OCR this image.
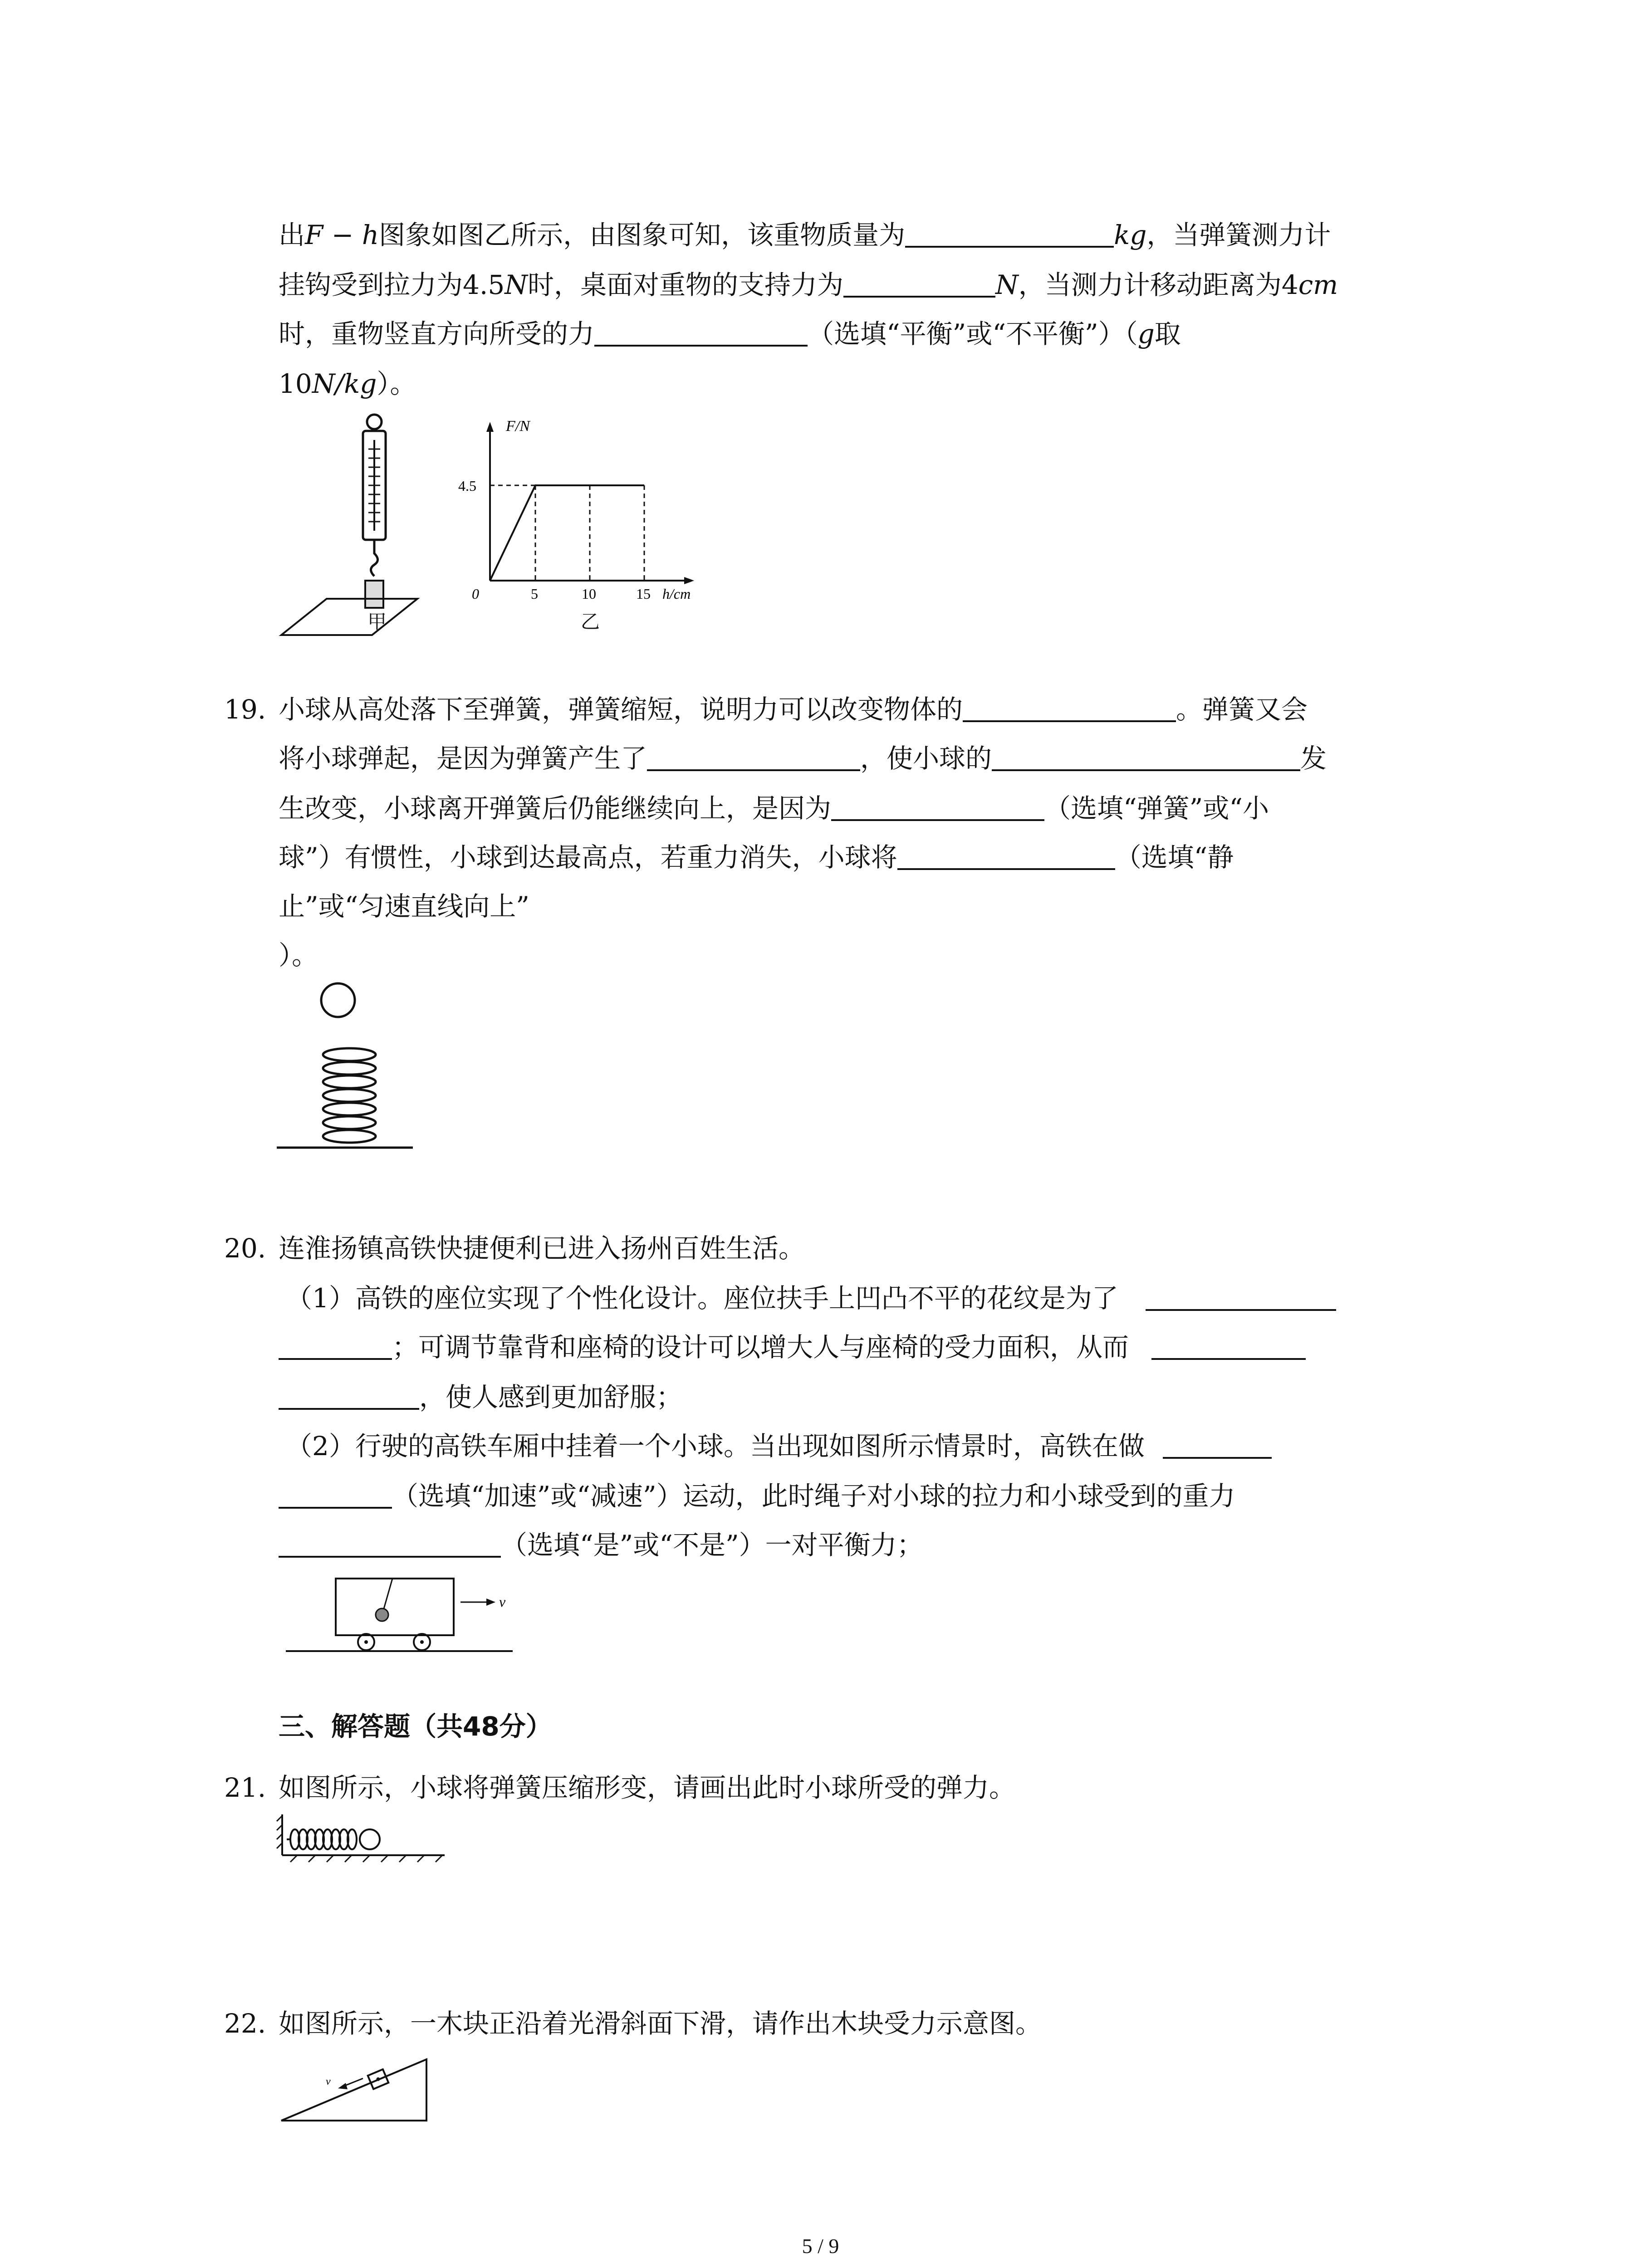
出F − h图象如图乙所示，由图象可知，该重物质量为	kg，当弹簧测力计
挂钩受到拉力为4.5N时，桌面对重物的支持力为	N，当测力计移动距离为4cm
时，重物竖直方向所受的力	（选填“平衡”或“不平衡”）（g取
10N/kg）。
甲
F/N
4.5
0	5	10	15 h/cm
乙
19. 小球从高处落下至弹簧，弹簧缩短，说明力可以改变物体的	。弹簧又会
将小球弹起，是因为弹簧产生了	，使小球的	发
生改变，小球离开弹簧后仍能继续向上，是因为	（选填“弹簧”或“小
球”）有惯性，小球到达最高点，若重力消失，小球将	（选填“静
止”或“匀速直线向上”
）。
20. 连淮扬镇高铁快捷便利已进入扬州百姓生活。
（1）高铁的座位实现了个性化设计。座位扶手上凹凸不平的花纹是为了
；可调节靠背和座椅的设计可以增大人与座椅的受力面积，从而
，使人感到更加舒服；
（2）行驶的高铁车厢中挂着一个小球。当出现如图所示情景时，高铁在做
（选填“加速”或“减速”）运动，此时绳子对小球的拉力和小球受到的重力
（选填“是”或“不是”）一对平衡力；
v
三、解答题（共48分）
21. 如图所示，小球将弹簧压缩形变，请画出此时小球所受的弹力。
22. 如图所示，一木块正沿着光滑斜面下滑，请作出木块受力示意图。
v
5 / 9
